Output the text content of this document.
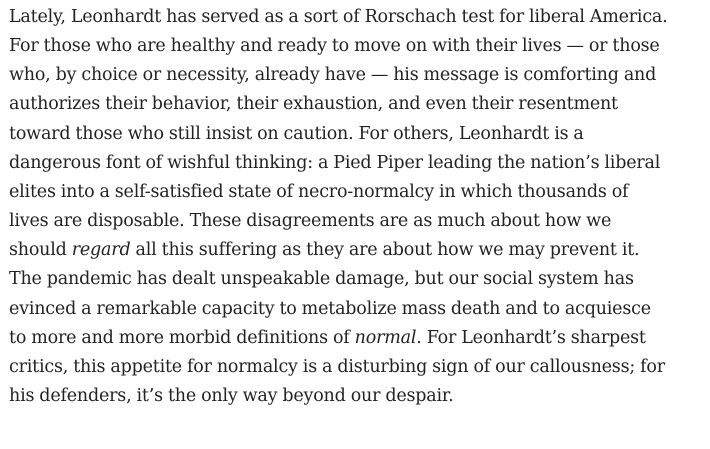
Lately, Leonhardt has served as a sort of Rorschach test for liberal America.
For those who are healthy and ready to move on with their lives — or those
who, by choice or necessity, already have — his message is comforting and
authorizes their behavior, their exhaustion, and even their resentment
toward those who still insist on caution. For others, Leonhardt is a
dangerous font of wishful thinking: a Pied Piper leading the nation’s liberal
elites into a self-satisfied state of necro-normalcy in which thousands of
lives are disposable. These disagreements are as much about how we
should regard all this suffering as they are about how we may prevent it.
The pandemic has dealt unspeakable damage, but our social system has
evinced a remarkable capacity to metabolize mass death and to acquiesce
to more and more morbid definitions of normal. For Leonhardt’s sharpest
critics, this appetite for normalcy is a disturbing sign of our callousness; for
his defenders, it’s the only way beyond our despair.
